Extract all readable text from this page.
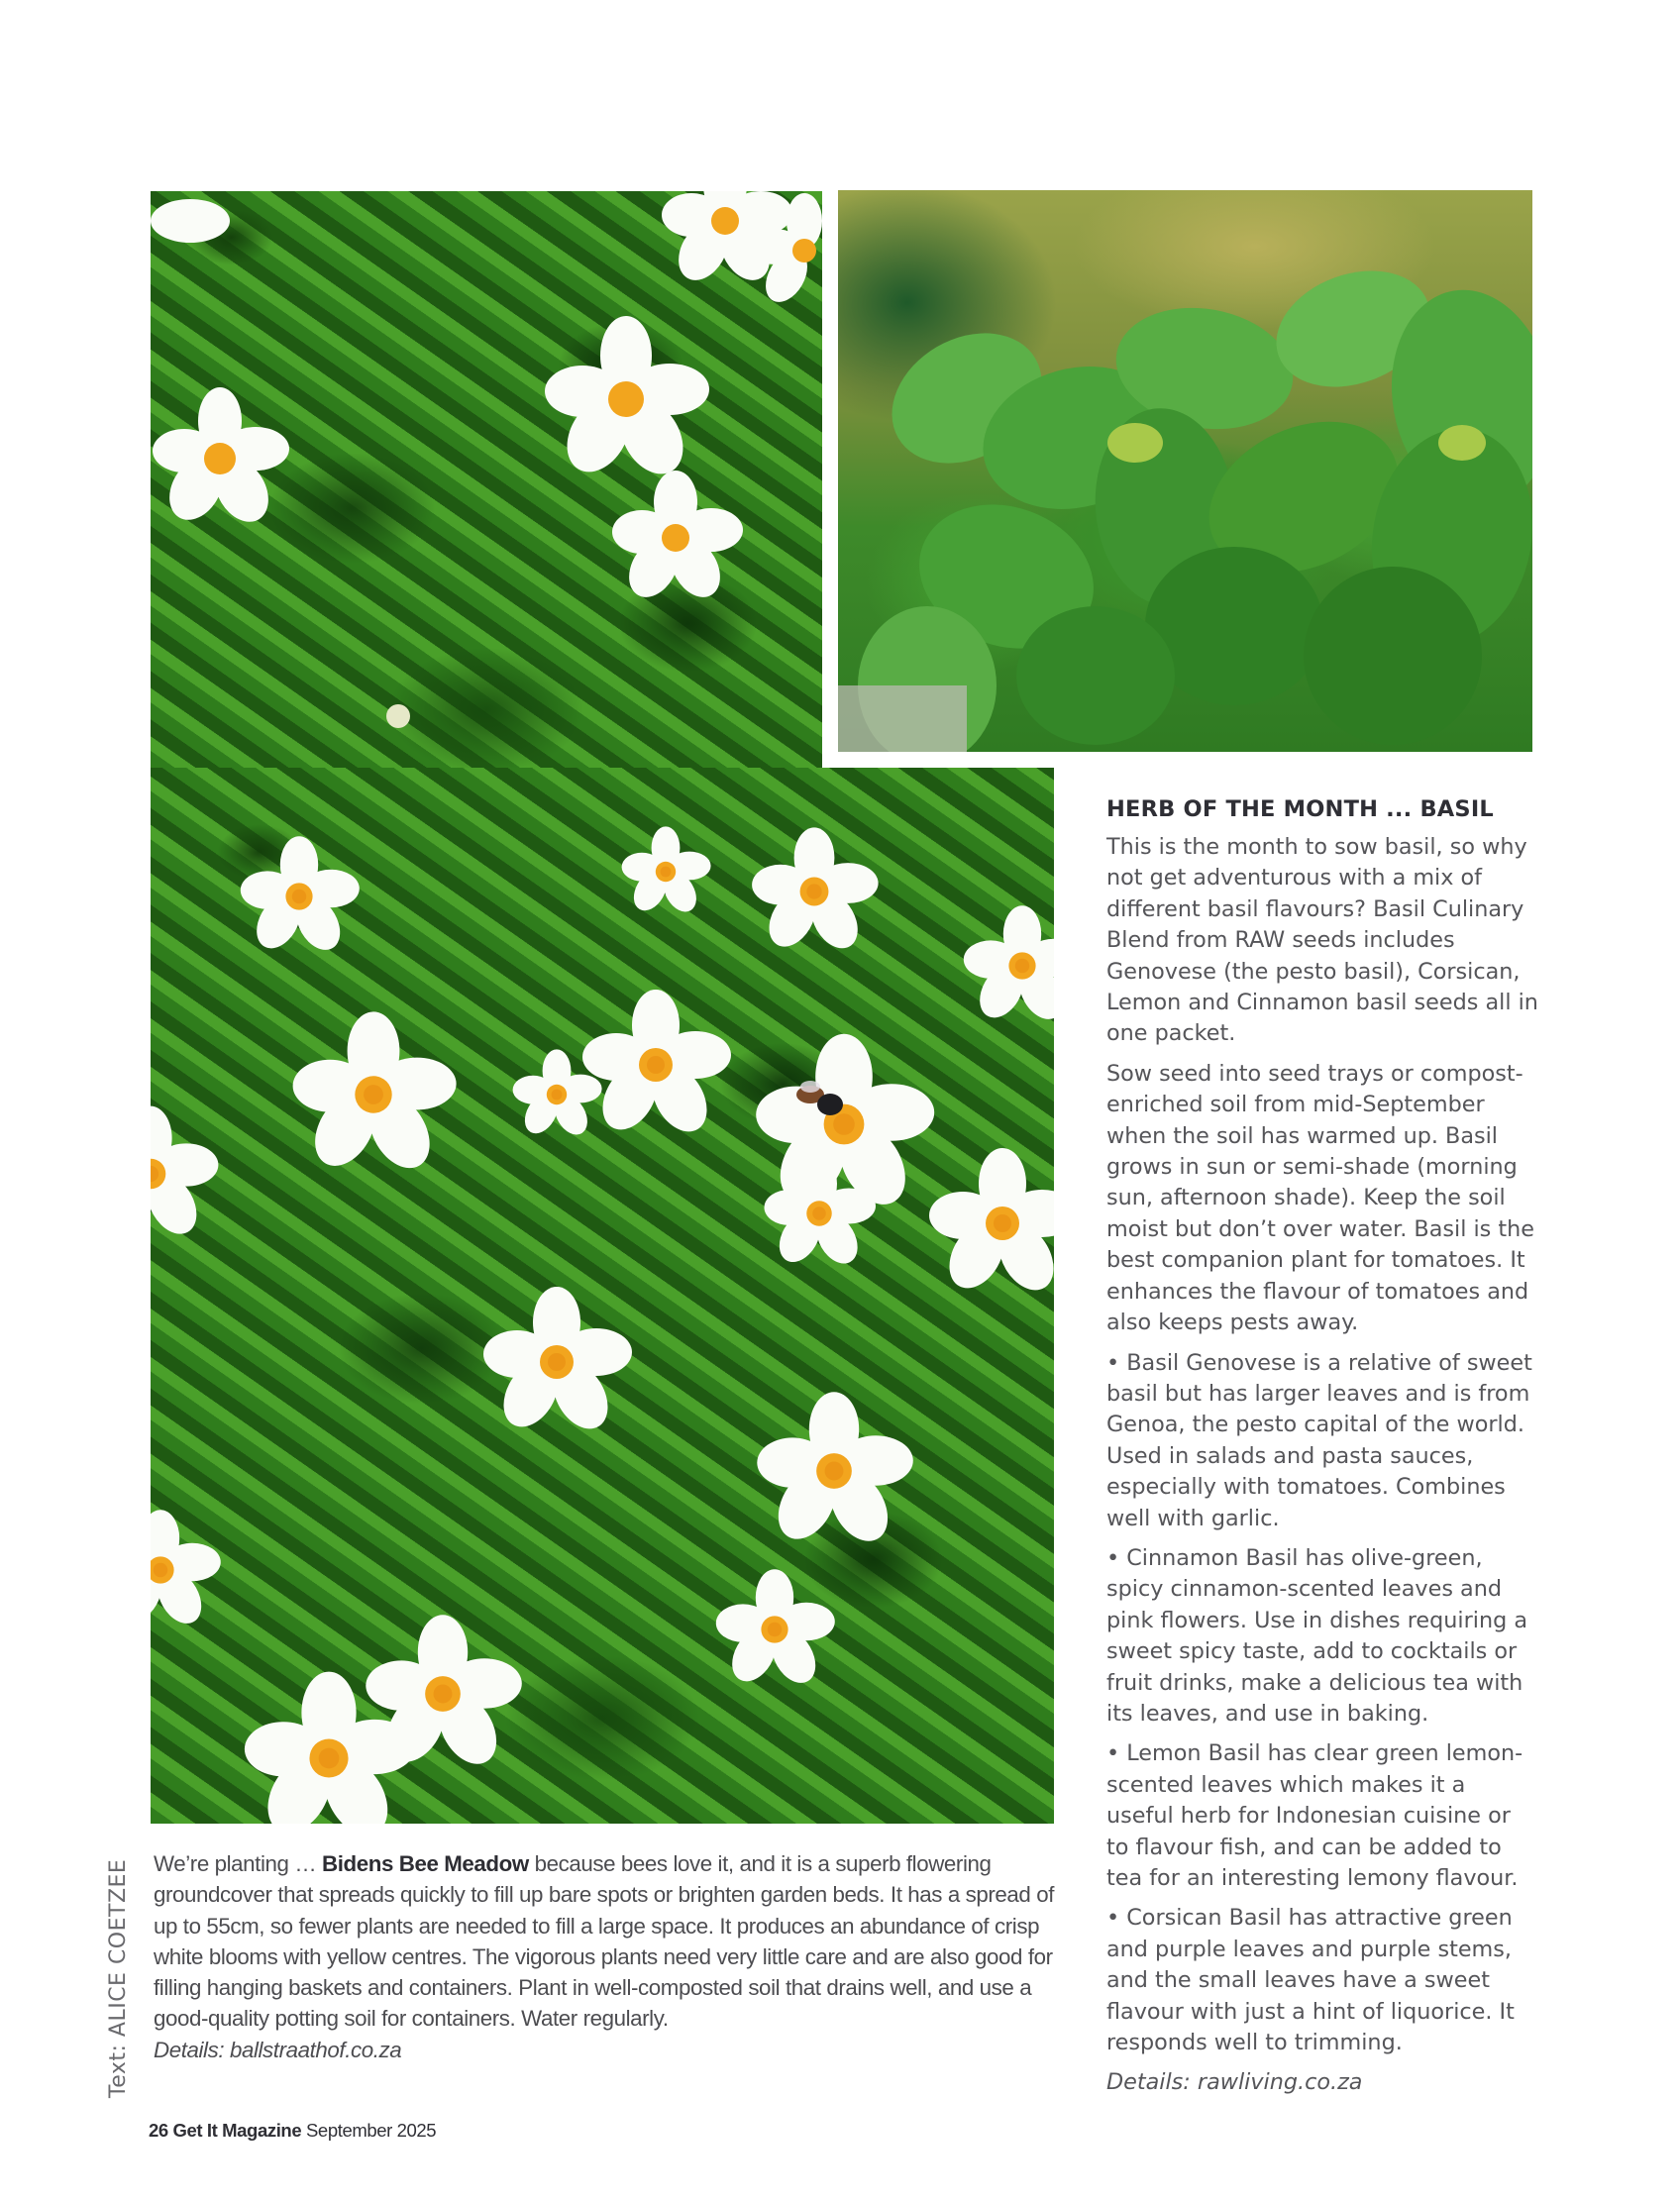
HERB OF THE MONTH ... BASIL

This is the month to sow basil, so why not get adventurous with a mix of different basil flavours? Basil Culinary Blend from RAW seeds includes Genovese (the pesto basil), Corsican, Lemon and Cinnamon basil seeds all in one packet.

Sow seed into seed trays or compost-enriched soil from mid-September when the soil has warmed up. Basil grows in sun or semi-shade (morning sun, afternoon shade). Keep the soil moist but don’t over water. Basil is the best companion plant for tomatoes. It enhances the flavour of tomatoes and also keeps pests away.

• Basil Genovese is a relative of sweet basil but has larger leaves and is from Genoa, the pesto capital of the world. Used in salads and pasta sauces, especially with tomatoes. Combines well with garlic.

• Cinnamon Basil has olive-green, spicy cinnamon-scented leaves and pink flowers. Use in dishes requiring a sweet spicy taste, add to cocktails or fruit drinks, make a delicious tea with its leaves, and use in baking.

• Lemon Basil has clear green lemon-scented leaves which makes it a useful herb for Indonesian cuisine or to flavour fish, and can be added to tea for an interesting lemony flavour.

• Corsican Basil has attractive green and purple leaves and purple stems, and the small leaves have a sweet flavour with just a hint of liquorice. It responds well to trimming.

Details: rawliving.co.za

We’re planting … Bidens Bee Meadow because bees love it, and it is a superb flowering groundcover that spreads quickly to fill up bare spots or brighten garden beds. It has a spread of up to 55cm, so fewer plants are needed to fill a large space. It produces an abundance of crisp white blooms with yellow centres. The vigorous plants need very little care and are also good for filling hanging baskets and containers. Plant in well-composted soil that drains well, and use a good-quality potting soil for containers. Water regularly.
Details: ballstraathof.co.za
Text: ALICE COETZEE
26 Get It Magazine September 2025
